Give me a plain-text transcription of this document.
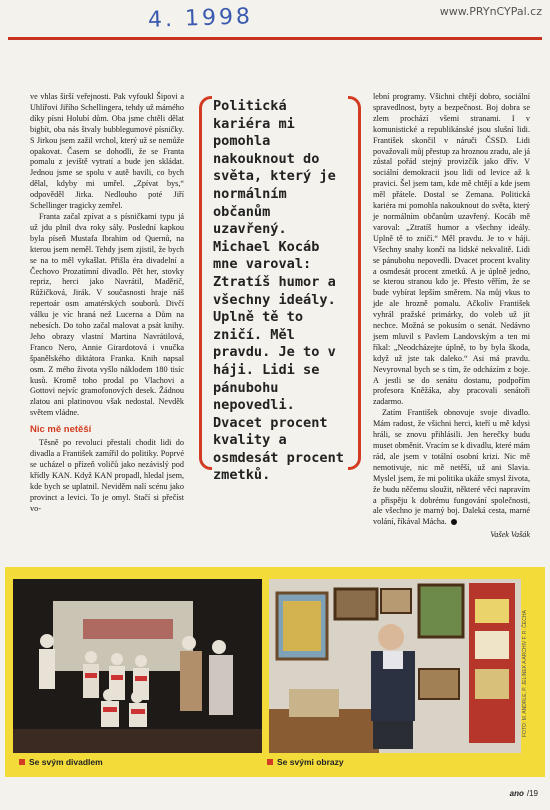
4. 1998	www.PRYnCYPal.cz

ve vhlas širší veřejnosti. Pak vyfoukl Šipovi a Uhlířovi Jiřího Schellingera, tehdy už mámého díky písni Holubí dům. Oba jsme chtěli dělat bigbít, oba nás štvaly bubblegumové písničky. S Jirkou jsem zažil vrchol, který už se nemůže opakovat. Časem se dohodli, že se Franta pomalu z jeviště vytratí a bude jen skládat. Jednou jsme se spolu v autě bavili, co bych dělal, kdyby mi umřel. „Zpívat bys,“ odpověděl Jirka. Nedlouho poté Jiří Schellinger tragicky zemřel.

Franta začal zpívat a s písničkami typu já už jdu plnil dva roky sály. Poslední kapkou byla píseň Mustafa Ibrahim od Quernů, na kterou jsem neměl. Tehdy jsem zjistil, že bych se na to měl vykašlat. Přišla éra divadelní a Čechovo Prozatímní divadlo. Pět her, stovky repriz, herci jako Navrátil, Maděrič, Růžičková, Jirák. V současnosti hraje náš repertoár osm amatérských souborů. Divčí válku je víc hraná než Lucerna a Dům na nebesích. Do toho začal malovat a psát knihy. Jeho obrazy vlastní Martina Navrátilová, Franco Nero, Annie Girardotová i vnučka španělského diktátora Franka. Knih napsal osm. Z mého života vyšlo náklodem 180 tisíc kusů. Kromě toho prodal po Vlachovi a Gottovi nejvíc gramofonových desek. Žádnou zlatou ani platinovou však nedostal. Nevděk světem vládne.

Nic mě netěší

Těsně po revoluci přestali chodit lidi do divadla a František zamířil do politiky. Poprvé se ucházel o přízeň voličů jako nezávislý pod křídly KAN. Když KAN propadl, hledal jsem, kde bych se uplatnil. Neviděm nalí scénu jako provinct a levici. To je omyl. Stačí si přečíst vo-

Politická kariéra mi pomohla nakouknout do světa, který je normálním občanům uzavřený. Michael Kocáb mne varoval: Ztratíš humor a všechny ideály. Uplně tě to zničí. Měl pravdu. Je to v háji. Lidi se pánubohu nepovedli. Dvacet procent kvality a osmdesát procent zmetků.

lební programy. Všichni chtějí dobro, sociální spravedlnost, byty a bezpečnost. Boj dobra se zlem prochází všemi stranami. I v komunistické a republikánské jsou slušní lidi. František skončil v náruči ČSSD. Lidi považovali můj přestup za hroznou zradu, ale já zůstal pořád stejný provizčík jako dřív. V sociální demokracii jsou lidi od levice až k pravici. Šel jsem tam, kde mě chtějí a kde jsem měl přátele. Dostal se Zemana. Politická kariéra mi pomohla nakouknout do světa, který je normálním občanům uzavřený. Kocáb mě varoval: „Ztratíš humor a všechny ideály. Uplně tě to zničí.“ Měl pravdu. Je to v háji. Všechny snahy končí na lidské nekvalitě. Lidi se pánubohu nepovedli. Dvacet procent kvality a osmdesát procent zmetků. A je úplně jedno, se kterou stranou kdo je. Přesto věřím, že se bude vybírat lepším směrem. Na můj vkus to jde ale hrozně pomalu. Ačkoliv František vyhrál pražské primárky, do voleb už jít nechce. Možná se pokusím o senát. Nedávno jsem mluvil s Pavlem Landovským a ten mi říkal: „Neodcházejte úplně, to by byla škoda, když už jste tak daleko.“ Asi má pravdu. Nevyrovnal bych se s tím, že odcházím z boje. A jestli se do senátu dostanu, podpořím profesora Kněžáka, aby pracovali senátoři zadarmo.

Zatím František obnovuje svoje divadlo. Mám radost, že všichni herci, kteří u mě kdysi hráli, se znovu přihlásili. Jen herečky budu muset obměnit. Vracím se k divadlu, které mám rád, ale jsem v totální osobní krizi. Nic mě nemotivuje, nic mě netěší, už ani Slavia. Myslel jsem, že mi politika ukáže smysl života, že budu něčemu sloužit, některé věci napravím a přispěju k dobrému fungování společnosti, ale všechno je marný boj. Daleká cesta, marné volání, říkával Mácha.

Vašek Vašák
Se svým divadlem	Se svými obrazy
FOTO: M. ANDRLE, P. JELÍNEK A ARCHIV F. R. ČECHA
ano /19
